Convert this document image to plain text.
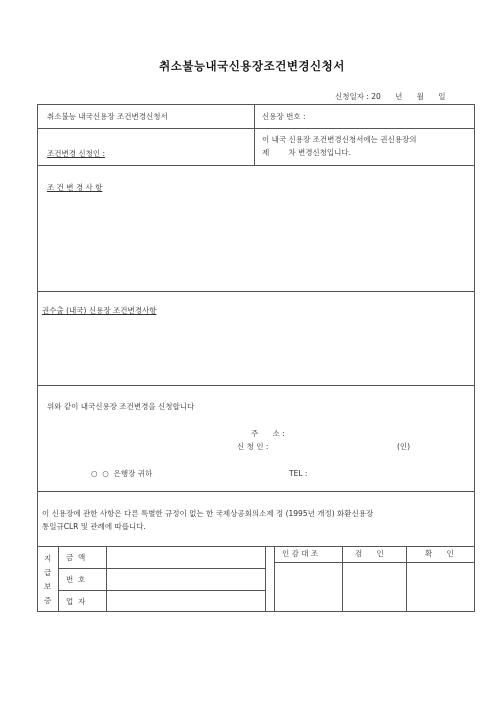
취소불능내국신용장조건변경신청서
신청일자 : 20      년      월      일
취소불능 내국신용장 조건변경신청서	신용장 번호 :
조건변경 신청인 :
이 내국 신용장 조건변경신청서에는 권신용장의
제        차 변경신청입니다.
조 건 변 경 사 항
권수출 (내국) 신용장 조건변경사항
위와 같이 내국신용장 조건변경을 신청합니다
주      소 :
신 청 인 :	(인)
○  ○  은행장 귀하	TEL :
이 신용장에 관한 사항은 다른 특별한 규정이 없는 한 국제상공회의소제 정 (1995년 개정) 화환신용장
통일규CLR 및 관례에 따릅니다.
지
급
보
증
금  액
번  호
업  자
인 감 대 조	검      인	확      인
